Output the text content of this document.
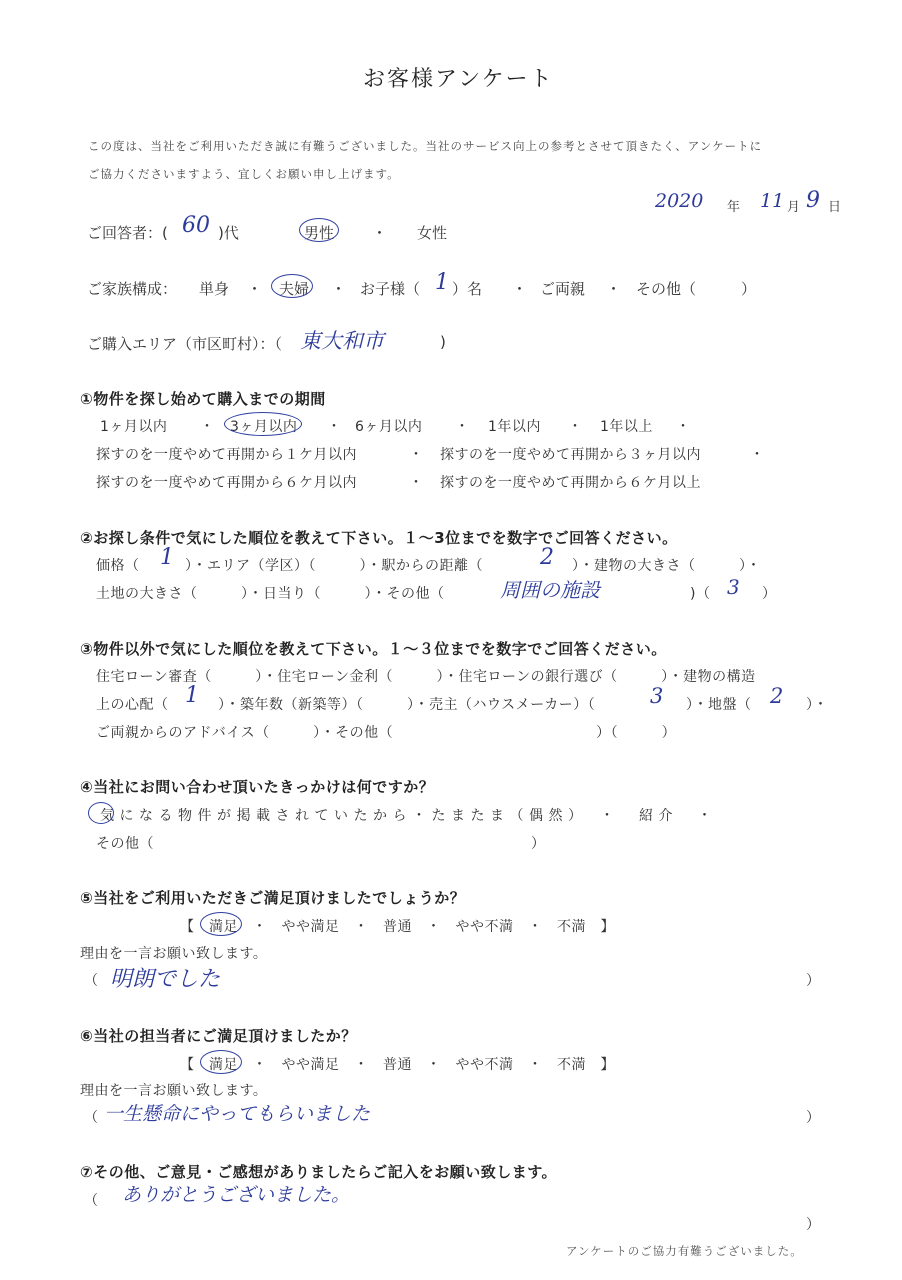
お客様アンケート
この度は、当社をご利用いただき誠に有難うございました。当社のサービス向上の参考とさせて頂きたく、アンケートに
ご協力くださいますよう、宜しくお願い申し上げます。
2020 年 11 月 9 日
ご回答者：( 60 )代	男性	・ 女性
ご家族構成： 単身 ・ 夫婦 ・ お子様（ 1 ）名 ・ ご両親 ・ その他（　　　）
ご購入エリア（市区町村）：（ 東大和市	)
①物件を探し始めて購入までの期間
1ヶ月以内 ・ 3ヶ月以内 ・ 6ヶ月以内 ・ 1年以内 ・ 1年以上 ・
探すのを一度やめて再開から１ケ月以内	・ 探すのを一度やめて再開から３ヶ月以内	・
探すのを一度やめて再開から６ケ月以内	・ 探すのを一度やめて再開から６ケ月以上
②お探し条件で気にした順位を教えて下さい。１～3位までを数字でご回答ください。
価格（ 1 ）・エリア（学区）（　　　）・駅からの距離（	2 ）・建物の大きさ（　　　）・
土地の大きさ（　　　）・日当り（　　　）・その他（	周囲の施設	)（ 3 ）
③物件以外で気にした順位を教えて下さい。１～３位までを数字でご回答ください。
住宅ローン審査（　　　）・住宅ローン金利（　　　）・住宅ローンの銀行選び（　　　）・建物の構造
上の心配（ 1 ）・築年数（新築等）（　　　）・売主（ハウスメーカー）（	3 ）・地盤（ 2 ）・
ご両親からのアドバイス（　　　）・その他（　　　　　　　　　　　　　　）（　　　）
④当社にお問い合わせ頂いたきっかけは何ですか？
気になる物件が掲載されていたから・たまたま（偶然）　・　紹介　・
その他（　　　　　　　　　　　　　　　　　　　　　　　　　　）
⑤当社をご利用いただきご満足頂けましたでしょうか？
【　満足　・　やや満足　・　普通　・　やや不満　・　不満　】
理由を一言お願い致します。
（ 明朗でした	）
⑥当社の担当者にご満足頂けましたか？
【　満足　・　やや満足　・　普通　・　やや不満　・　不満　】
理由を一言お願い致します。
（ 一生懸命にやってもらいました	）
⑦その他、ご意見・ご感想がありましたらご記入をお願い致します。
（ ありがとうございました。
）
アンケートのご協力有難うございました。
